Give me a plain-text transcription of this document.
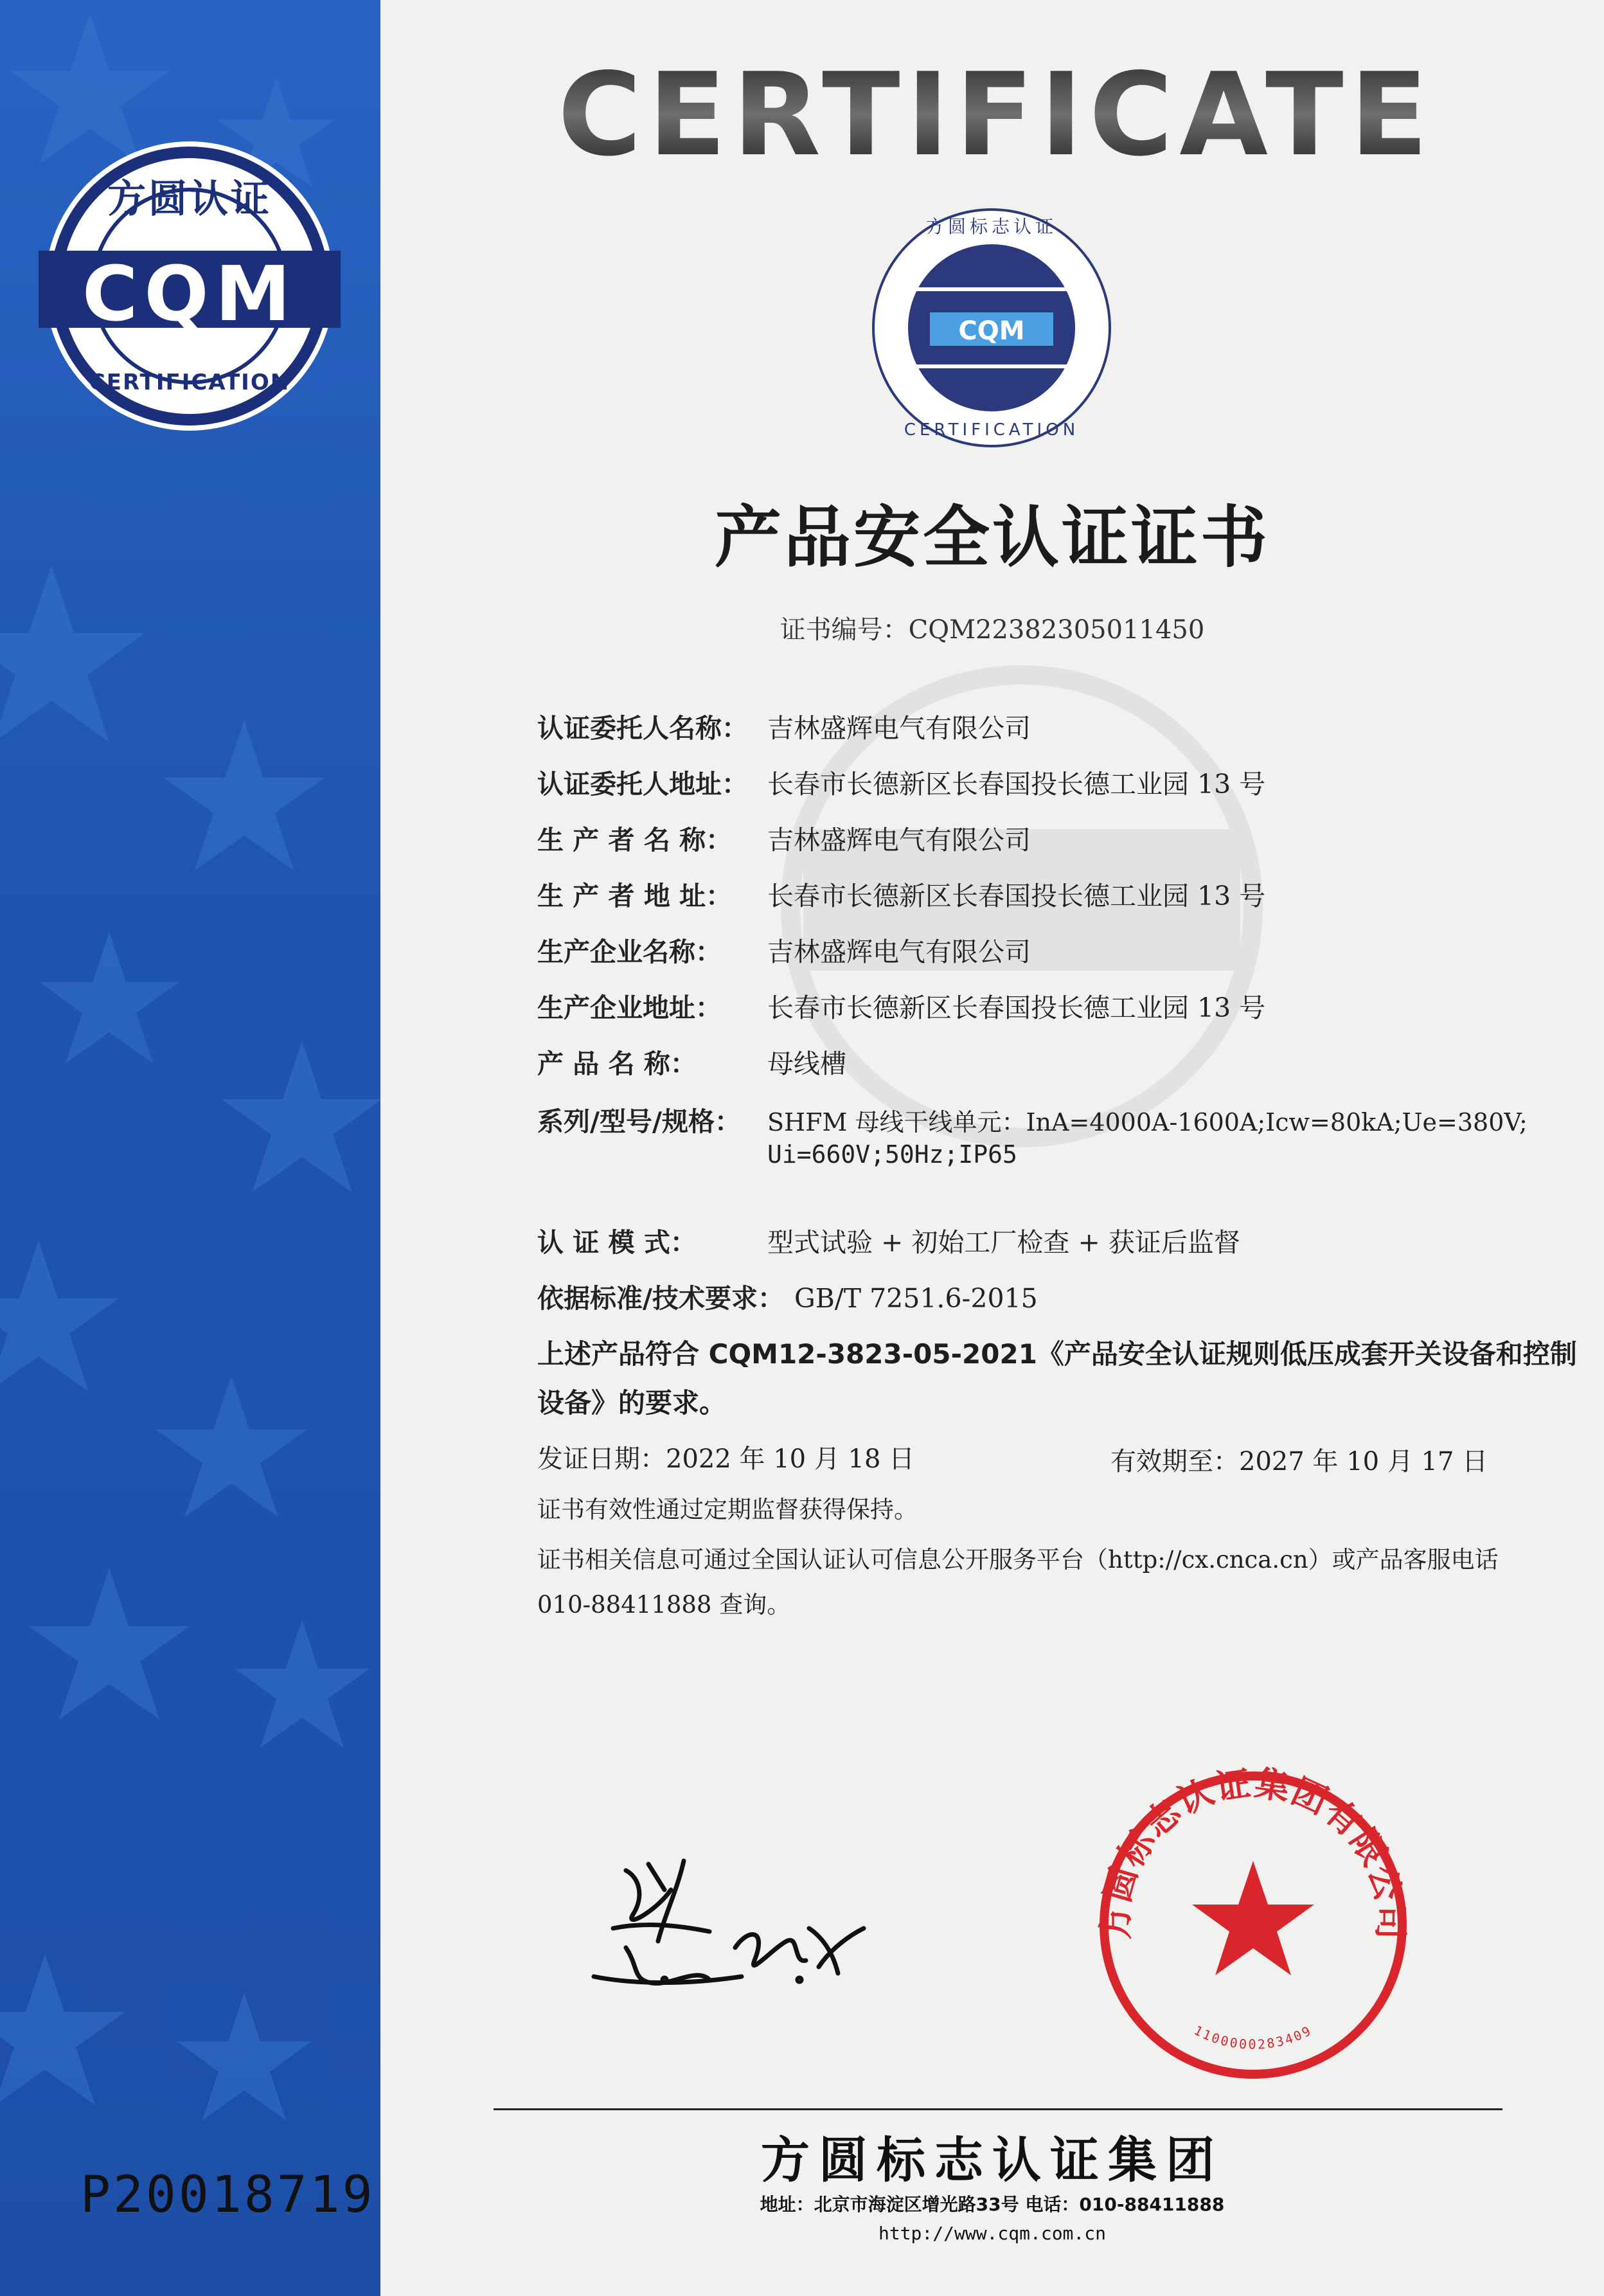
方圆认证
CQM
CERTIFICATION
P20018719
CERTIFICATE
CQM
方圆标志认证
CERTIFICATION
产品安全认证证书
证书编号：CQM22382305011450
认证委托人名称： 吉林盛辉电气有限公司
认证委托人地址： 长春市长德新区长春国投长德工业园 13 号
生 产 者 名 称： 吉林盛辉电气有限公司
生 产 者 地 址： 长春市长德新区长春国投长德工业园 13 号
生产企业名称： 吉林盛辉电气有限公司
生产企业地址： 长春市长德新区长春国投长德工业园 13 号
产 品 名 称：	母线槽
系列/型号/规格： SHFM 母线干线单元：InA=4000A-1600A;Icw=80kA;Ue=380V;
Ui=660V;50Hz;IP65
认 证 模 式：	型式试验 + 初始工厂检查 + 获证后监督
依据标准/技术要求： GB/T 7251.6-2015
上述产品符合 CQM12-3823-05-2021《产品安全认证规则低压成套开关设备和控制
设备》的要求。
发证日期：2022 年 10 月 18 日	有效期至：2027 年 10 月 17 日
证书有效性通过定期监督获得保持。
证书相关信息可通过全国认证认可信息公开服务平台（http://cx.cnca.cn）或产品客服电话
010-88411888 查询。
方圆标志认证集团有限公司
1100000283409
方圆标志认证集团
地址：北京市海淀区增光路33号 电话：010-88411888
http://www.cqm.com.cn
